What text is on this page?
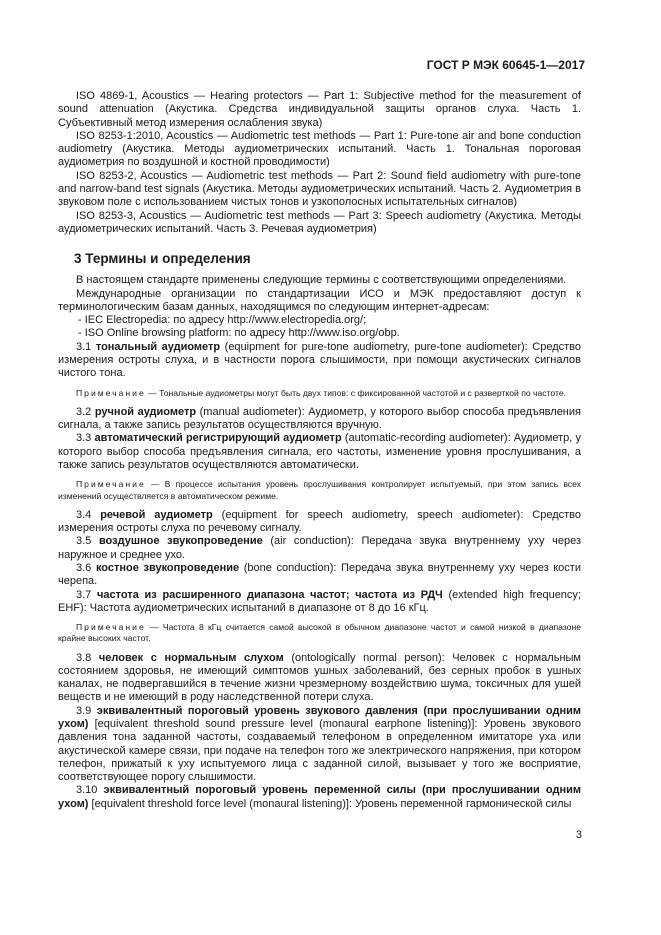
ГОСТ Р МЭК 60645-1—2017

ISO 4869-1, Acoustics — Hearing protectors — Part 1: Subjective method for the measurement of sound attenuation (Акустика. Средства индивидуальной защиты органов слуха. Часть 1. Субъективный метод измерения ослабления звука)

ISO 8253-1:2010, Acoustics — Audiometric test methods — Part 1: Pure-tone air and bone conduction audiometry (Акустика. Методы аудиометрических испытаний. Часть 1. Тональная пороговая аудиометрия по воздушной и костной проводимости)

ISO 8253-2, Acoustics — Audiometric test methods — Part 2: Sound field audiometry with pure-tone and narrow-band test signals (Акустика. Методы аудиометрических испытаний. Часть 2. Аудиометрия в звуковом поле с использованием чистых тонов и узкополосных испытательных сигналов)

ISO 8253-3, Acoustics — Audiometric test methods — Part 3: Speech audiometry (Акустика. Методы аудиометрических испытаний. Часть 3. Речевая аудиометрия)

3 Термины и определения

В настоящем стандарте применены следующие термины с соответствующими определениями.

Международные организации по стандартизации ИСО и МЭК предоставляют доступ к терминологическим базам данных, находящимся по следующим интернет-адресам:

- IEC Electropedia: по адресу http://www.electropedia.org/;

- ISO Online browsing platform: по адресу http://www.iso.org/obp.

3.1 тональный аудиометр (equipment for pure-tone audiometry, pure-tone audiometer): Средство измерения остроты слуха, и в частности порога слышимости, при помощи акустических сигналов чистого тона.

Примечание — Тональные аудиометры могут быть двух типов: с фиксированной частотой и с разверткой по частоте.

3.2 ручной аудиометр (manual audiometer): Аудиометр, у которого выбор способа предъявления сигнала, а также запись результатов осуществляются вручную.

3.3 автоматический регистрирующий аудиометр (automatic-recording audiometer): Аудиометр, у которого выбор способа предъявления сигнала, его частоты, изменение уровня прослушивания, а также запись результатов осуществляются автоматически.

Примечание — В процессе испытания уровень прослушивания контролирует испытуемый, при этом запись всех изменений осуществляется в автоматическом режиме.

3.4 речевой аудиометр (equipment for speech audiometry, speech audiometer): Средство измерения остроты слуха по речевому сигналу.

3.5 воздушное звукопроведение (air conduction): Передача звука внутреннему уху через наружное и среднее ухо.

3.6 костное звукопроведение (bone conduction): Передача звука внутреннему уху через кости черепа.

3.7 частота из расширенного диапазона частот; частота из РДЧ (extended high frequency; EHF): Частота аудиометрических испытаний в диапазоне от 8 до 16 кГц.

Примечание — Частота 8 кГц считается самой высокой в обычном диапазоне частот и самой низкой в диапазоне крайне высоких частот.

3.8 человек с нормальным слухом (ontologically normal person): Человек с нормальным состоянием здоровья, не имеющий симптомов ушных заболеваний, без серных пробок в ушных каналах, не подвергавшийся в течение жизни чрезмерному воздействию шума, токсичных для ушей веществ и не имеющий в роду наследственной потери слуха.

3.9 эквивалентный пороговый уровень звукового давления (при прослушивании одним ухом) [equivalent threshold sound pressure level (monaural earphone listening)]: Уровень звукового давления тона заданной частоты, создаваемый телефоном в определенном имитаторе уха или акустической камере связи, при подаче на телефон того же электрического напряжения, при котором телефон, прижатый к уху испытуемого лица с заданной силой, вызывает у того же восприятие, соответствующее порогу слышимости.

3.10 эквивалентный пороговый уровень переменной силы (при прослушивании одним ухом) [equivalent threshold force level (monaural listening)]: Уровень переменной гармонической силы

3
